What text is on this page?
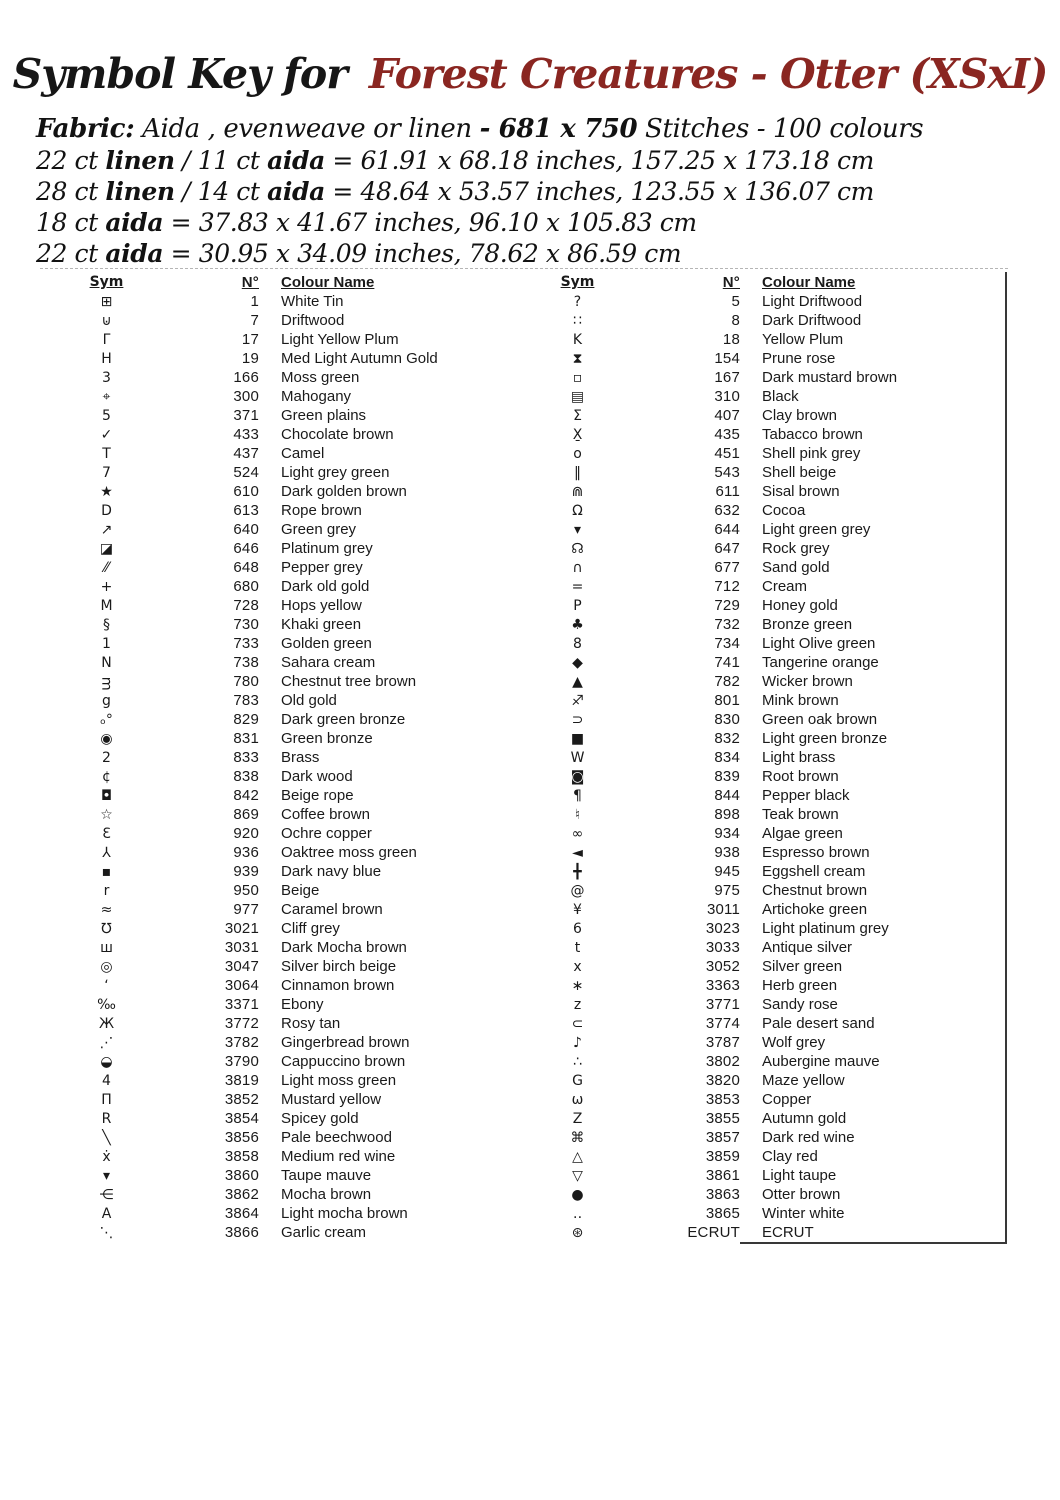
Symbol Key for Forest Creatures - Otter (XSxI)
Fabric: Aida , evenweave or linen - 681 x 750 Stitches - 100 colours
22 ct linen / 11 ct aida = 61.91 x 68.18 inches, 157.25 x 173.18 cm
28 ct linen / 14 ct aida = 48.64 x 53.57 inches, 123.55 x 136.07 cm
18 ct aida = 37.83 x 41.67 inches, 96.10 x 105.83 cm
22 ct aida = 30.95 x 34.09 inches, 78.62 x 86.59 cm
Sym	N°	Colour Name
⊞	1	White Tin
⊍	7	Driftwood
Γ	17	Light Yellow Plum
H	19	Med Light Autumn Gold
3	166	Moss green
⌖	300	Mahogany
5	371	Green plains
✓	433	Chocolate brown
T	437	Camel
7	524	Light grey green
★	610	Dark golden brown
D	613	Rope brown
↗	640	Green grey
◪	646	Platinum grey
⁄⁄	648	Pepper grey
+	680	Dark old gold
M	728	Hops yellow
§	730	Khaki green
1	733	Golden green
N	738	Sahara cream
ᴟ	780	Chestnut tree brown
g	783	Old gold
ₒ°	829	Dark green bronze
◉	831	Green bronze
2	833	Brass
¢	838	Dark wood
◘	842	Beige rope
☆	869	Coffee brown
Ɛ	920	Ochre copper
⅄	936	Oaktree moss green
▪	939	Dark navy blue
r	950	Beige
≈	977	Caramel brown
℧	3021	Cliff grey
ш	3031	Dark Mocha brown
◎	3047	Silver birch beige
‘	3064	Cinnamon brown
‰	3371	Ebony
Ж	3772	Rosy tan
⋰	3782	Gingerbread brown
◒	3790	Cappuccino brown
4	3819	Light moss green
Π	3852	Mustard yellow
R	3854	Spicey gold
╲	3856	Pale beechwood
ẋ	3858	Medium red wine
▾	3860	Taupe mauve
⋲	3862	Mocha brown
A	3864	Light mocha brown
⋱	3866	Garlic cream
Sym	N°	Colour Name
?	5	Light Driftwood
∷	8	Dark Driftwood
K	18	Yellow Plum
⧗	154	Prune rose
▫	167	Dark mustard brown
▤	310	Black
Σ	407	Clay brown
X̱	435	Tabacco brown
o	451	Shell pink grey
‖	543	Shell beige
⋒	611	Sisal brown
Ω	632	Cocoa
▾	644	Light green grey
☊	647	Rock grey
∩	677	Sand gold
=	712	Cream
P	729	Honey gold
♣	732	Bronze green
8	734	Light Olive green
◆	741	Tangerine orange
▲	782	Wicker brown
♐	801	Mink brown
⊃	830	Green oak brown
■	832	Light green bronze
W	834	Light brass
◙	839	Root brown
¶	844	Pepper black
♮	898	Teak brown
∞	934	Algae green
◄	938	Espresso brown
╋	945	Eggshell cream
@	975	Chestnut brown
¥	3011	Artichoke green
6	3023	Light platinum grey
t	3033	Antique silver
x	3052	Silver green
∗	3363	Herb green
z	3771	Sandy rose
⊂	3774	Pale desert sand
♪	3787	Wolf grey
∴	3802	Aubergine mauve
G	3820	Maze yellow
ω	3853	Copper
Z	3855	Autumn gold
⌘	3857	Dark red wine
△	3859	Clay red
▽	3861	Light taupe
●	3863	Otter brown
‥	3865	Winter white
⊛	ECRUT	ECRUT
